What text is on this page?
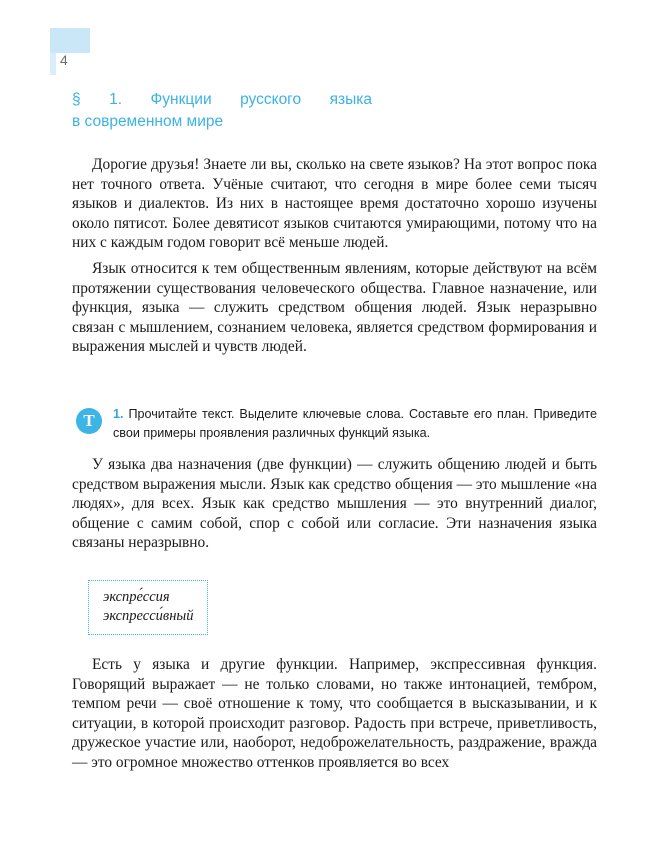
4
§ 1. Функции русского языка
в современном мире

Дорогие друзья! Знаете ли вы, сколько на свете языков? На этот вопрос пока нет точного ответа. Учёные считают, что сегодня в мире более семи тысяч языков и диалектов. Из них в настоящее время достаточно хорошо изучены около пятисот. Более девятисот языков считаются умирающими, потому что на них с каждым годом говорит всё меньше людей.

Язык относится к тем общественным явлениям, которые действуют на всём протяжении существования человеческого общества. Главное назначение, или функция, языка — служить средством общения людей. Язык неразрывно связан с мышлением, сознанием человека, является средством формирования и выражения мыслей и чувств людей.

Т	1. Прочитайте текст. Выделите ключевые слова. Составьте его план. Приведите свои примеры проявления различных функций языка.

У языка два назначения (две функции) — служить общению людей и быть средством выражения мысли. Язык как средство общения — это мышление «на людях», для всех. Язык как средство мышления — это внутренний диалог, общение с самим собой, спор с собой или согласие. Эти назначения языка связаны неразрывно.

экспре́ссия
экспресси́вный

Есть у языка и другие функции. Например, экспрессивная функция. Говорящий выражает — не только словами, но также интонацией, тембром, темпом речи — своё отношение к тому, что сообщается в высказывании, и к ситуации, в которой происходит разговор. Радость при встрече, приветливость, дружеское участие или, наоборот, недоброжелательность, раздражение, вражда — это огромное множество оттенков проявляется во всех
